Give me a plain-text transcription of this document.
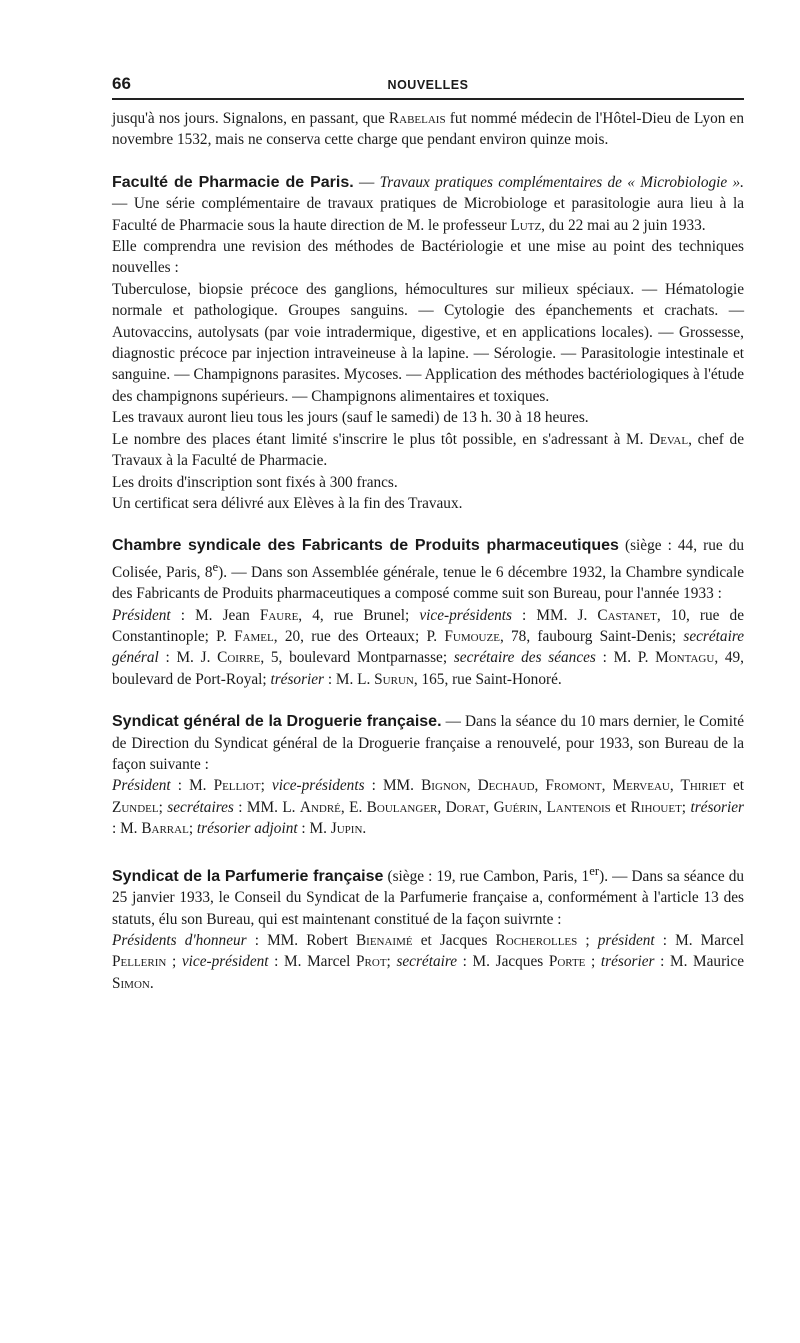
66	NOUVELLES

jusqu'à nos jours. Signalons, en passant, que Rabelais fut nommé médecin de l'Hôtel-Dieu de Lyon en novembre 1532, mais ne conserva cette charge que pendant environ quinze mois.

Faculté de Pharmacie de Paris. — Travaux pratiques complémentaires de « Microbiologie ». — Une série complémentaire de travaux pratiques de Microbiologe et parasitologie aura lieu à la Faculté de Pharmacie sous la haute direction de M. le professeur Lutz, du 22 mai au 2 juin 1933.

Elle comprendra une revision des méthodes de Bactériologie et une mise au point des techniques nouvelles :

Tuberculose, biopsie précoce des ganglions, hémocultures sur milieux spéciaux. — Hématologie normale et pathologique. Groupes sanguins. — Cytologie des épanchements et crachats. —Autovaccins, autolysats (par voie intradermique, digestive, et en applications locales). — Grossesse, diagnostic précoce par injection intraveineuse à la lapine. — Sérologie. — Parasitologie intestinale et sanguine. — Champignons parasites. Mycoses. — Application des méthodes bactériologiques à l'étude des champignons supérieurs. — Champignons alimentaires et toxiques.

Les travaux auront lieu tous les jours (sauf le samedi) de 13 h. 30 à 18 heures.

Le nombre des places étant limité s'inscrire le plus tôt possible, en s'adressant à M. Deval, chef de Travaux à la Faculté de Pharmacie.

Les droits d'inscription sont fixés à 300 francs.

Un certificat sera délivré aux Elèves à la fin des Travaux.

Chambre syndicale des Fabricants de Produits pharmaceutiques (siège : 44, rue du Colisée, Paris, 8e). — Dans son Assemblée générale, tenue le 6 décembre 1932, la Chambre syndicale des Fabricants de Produits pharmaceutiques a composé comme suit son Bureau, pour l'année 1933 :

Président : M. Jean Faure, 4, rue Brunel; vice-présidents : MM. J. Castanet, 10, rue de Constantinople; P. Famel, 20, rue des Orteaux; P. Fumouze, 78, faubourg Saint-Denis; secrétaire général : M. J. Coirre, 5, boulevard Montparnasse; secrétaire des séances : M. P. Montagu, 49, boulevard de Port-Royal; trésorier : M. L. Surun, 165, rue Saint-Honoré.

Syndicat général de la Droguerie française. — Dans la séance du 10 mars dernier, le Comité de Direction du Syndicat général de la Droguerie française a renouvelé, pour 1933, son Bureau de la façon suivante :

Président : M. Pelliot; vice-présidents : MM. Bignon, Dechaud, Fromont, Merveau, Thiriet et Zundel; secrétaires : MM. L. André, E. Boulanger, Dorat, Guérin, Lantenois et Rihouet; trésorier : M. Barral; trésorier adjoint : M. Jupin.

Syndicat de la Parfumerie française (siège : 19, rue Cambon, Paris, 1er). — Dans sa séance du 25 janvier 1933, le Conseil du Syndicat de la Parfumerie française a, conformément à l'article 13 des statuts, élu son Bureau, qui est maintenant constitué de la façon suivrnte :

Présidents d'honneur : MM. Robert Bienaimé et Jacques Rocherolles ; président : M. Marcel Pellerin ; vice-président : M. Marcel Prot; secrétaire : M. Jacques Porte ; trésorier : M. Maurice Simon.
